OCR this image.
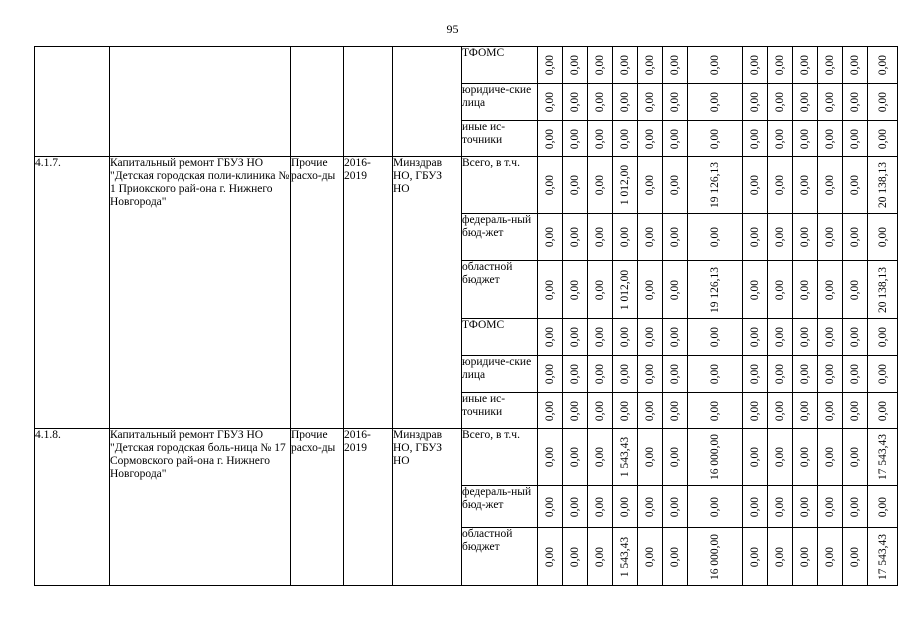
95
					ТФОМС	0,00	0,00	0,00	0,00	0,00	0,00	0,00	0,00	0,00	0,00	0,00	0,00	0,00

					юридиче-ские лица	0,00	0,00	0,00	0,00	0,00	0,00	0,00	0,00	0,00	0,00	0,00	0,00	0,00

					иные ис-точники	0,00	0,00	0,00	0,00	0,00	0,00	0,00	0,00	0,00	0,00	0,00	0,00	0,00

4.1.7.	Капитальный ремонт ГБУЗ НО "Детская городская поли-клиника № 1 Приокского рай-она г. Нижнего Новгорода"	Прочие расхо-ды	2016-2019	Минздрав НО, ГБУЗ НО	Всего, в т.ч.	0,00	0,00	0,00	1 012,00	0,00	0,00	19 126,13	0,00	0,00	0,00	0,00	0,00	20 138,13

					федераль-ный бюд-жет	0,00	0,00	0,00	0,00	0,00	0,00	0,00	0,00	0,00	0,00	0,00	0,00	0,00

					областной бюджет	0,00	0,00	0,00	1 012,00	0,00	0,00	19 126,13	0,00	0,00	0,00	0,00	0,00	20 138,13

					ТФОМС	0,00	0,00	0,00	0,00	0,00	0,00	0,00	0,00	0,00	0,00	0,00	0,00	0,00

					юридиче-ские лица	0,00	0,00	0,00	0,00	0,00	0,00	0,00	0,00	0,00	0,00	0,00	0,00	0,00

					иные ис-точники	0,00	0,00	0,00	0,00	0,00	0,00	0,00	0,00	0,00	0,00	0,00	0,00	0,00

4.1.8.	Капитальный ремонт ГБУЗ НО "Детская городская боль-ница № 17 Сормовского рай-она г. Нижнего Новгорода"	Прочие расхо-ды	2016-2019	Минздрав НО, ГБУЗ НО	Всего, в т.ч.	0,00	0,00	0,00	1 543,43	0,00	0,00	16 000,00	0,00	0,00	0,00	0,00	0,00	17 543,43

					федераль-ный бюд-жет	0,00	0,00	0,00	0,00	0,00	0,00	0,00	0,00	0,00	0,00	0,00	0,00	0,00

					областной бюджет	0,00	0,00	0,00	1 543,43	0,00	0,00	16 000,00	0,00	0,00	0,00	0,00	0,00	17 543,43
